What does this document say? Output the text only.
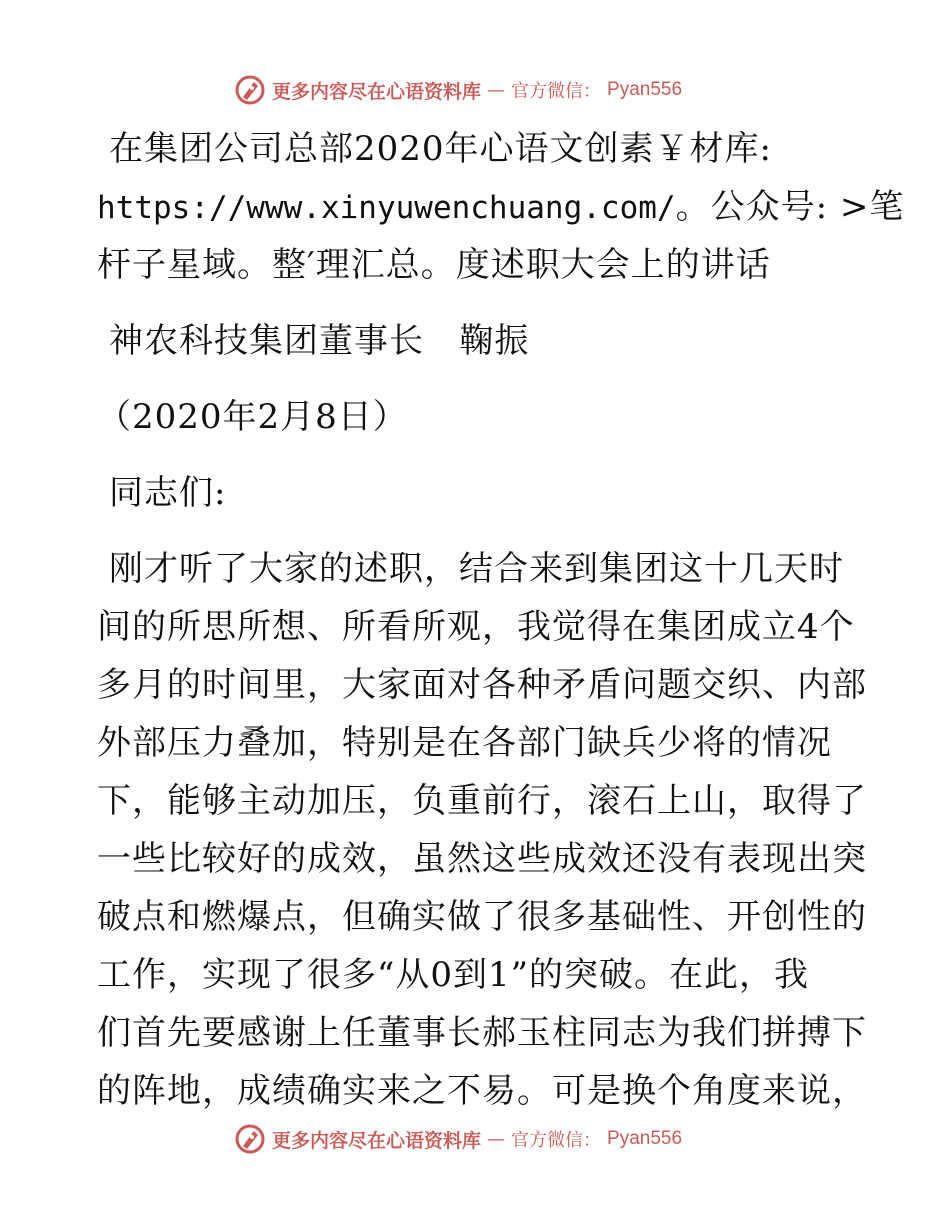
更多内容尽在心语资料库 — 官方微信： Pyan556
在集团公司总部2020年心语文创素￥材库:
https://www.xinyuwenchuang.com/。公众号: >笔
杆子星域。整′理汇总。度述职大会上的讲话
神农科技集团董事长   鞠振
（2020年2月8日）
同志们:
刚才听了大家的述职，结合来到集团这十几天时
间的所思所想、所看所观，我觉得在集团成立4个
多月的时间里，大家面对各种矛盾问题交织、内部
外部压力叠加，特别是在各部门缺兵少将的情况
下，能够主动加压，负重前行，滚石上山，取得了
一些比较好的成效，虽然这些成效还没有表现出突
破点和燃爆点，但确实做了很多基础性、开创性的
工作，实现了很多“从0到1”的突破。在此，我
们首先要感谢上任董事长郝玉柱同志为我们拼搏下
的阵地，成绩确实来之不易。可是换个角度来说，
更多内容尽在心语资料库 — 官方微信： Pyan556
